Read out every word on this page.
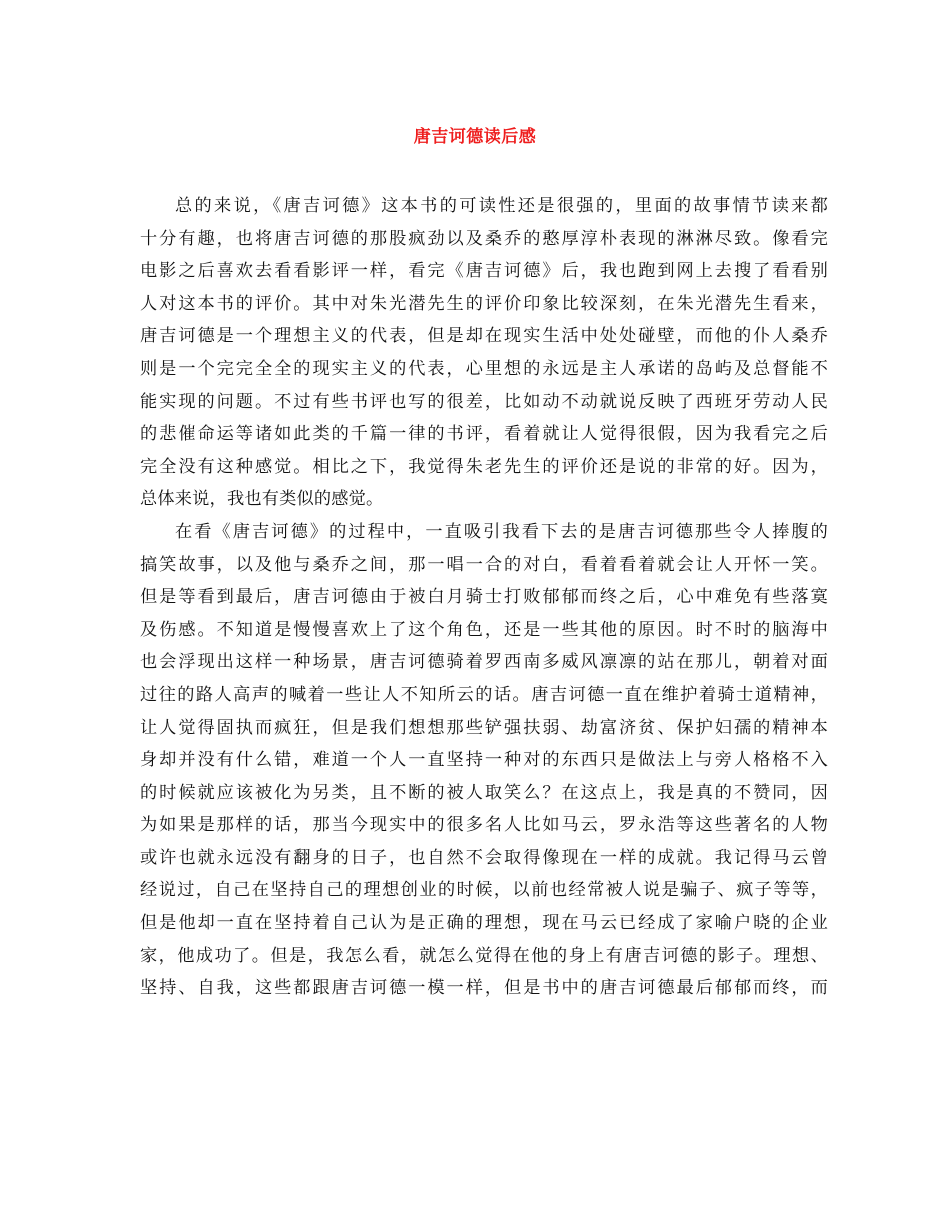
唐吉诃德读后感
总的来说，《唐吉诃德》这本书的可读性还是很强的，里面的故事情节读来都
十分有趣，也将唐吉诃德的那股疯劲以及桑乔的憨厚淳朴表现的淋淋尽致。像看完
电影之后喜欢去看看影评一样，看完《唐吉诃德》后，我也跑到网上去搜了看看别
人对这本书的评价。其中对朱光潜先生的评价印象比较深刻，在朱光潜先生看来，
唐吉诃德是一个理想主义的代表，但是却在现实生活中处处碰壁，而他的仆人桑乔
则是一个完完全全的现实主义的代表，心里想的永远是主人承诺的岛屿及总督能不
能实现的问题。不过有些书评也写的很差，比如动不动就说反映了西班牙劳动人民
的悲催命运等诸如此类的千篇一律的书评，看着就让人觉得很假，因为我看完之后
完全没有这种感觉。相比之下，我觉得朱老先生的评价还是说的非常的好。因为，
总体来说，我也有类似的感觉。
在看《唐吉诃德》的过程中，一直吸引我看下去的是唐吉诃德那些令人捧腹的
搞笑故事，以及他与桑乔之间，那一唱一合的对白，看着看着就会让人开怀一笑。
但是等看到最后，唐吉诃德由于被白月骑士打败郁郁而终之后，心中难免有些落寞
及伤感。不知道是慢慢喜欢上了这个角色，还是一些其他的原因。时不时的脑海中
也会浮现出这样一种场景，唐吉诃德骑着罗西南多威风凛凛的站在那儿，朝着对面
过往的路人高声的喊着一些让人不知所云的话。唐吉诃德一直在维护着骑士道精神，
让人觉得固执而疯狂，但是我们想想那些铲强扶弱、劫富济贫、保护妇孺的精神本
身却并没有什么错，难道一个人一直坚持一种对的东西只是做法上与旁人格格不入
的时候就应该被化为另类，且不断的被人取笑么？在这点上，我是真的不赞同，因
为如果是那样的话，那当今现实中的很多名人比如马云，罗永浩等这些著名的人物
或许也就永远没有翻身的日子，也自然不会取得像现在一样的成就。我记得马云曾
经说过，自己在坚持自己的理想创业的时候，以前也经常被人说是骗子、疯子等等，
但是他却一直在坚持着自己认为是正确的理想，现在马云已经成了家喻户晓的企业
家，他成功了。但是，我怎么看，就怎么觉得在他的身上有唐吉诃德的影子。理想、
坚持、自我，这些都跟唐吉诃德一模一样，但是书中的唐吉诃德最后郁郁而终，而
